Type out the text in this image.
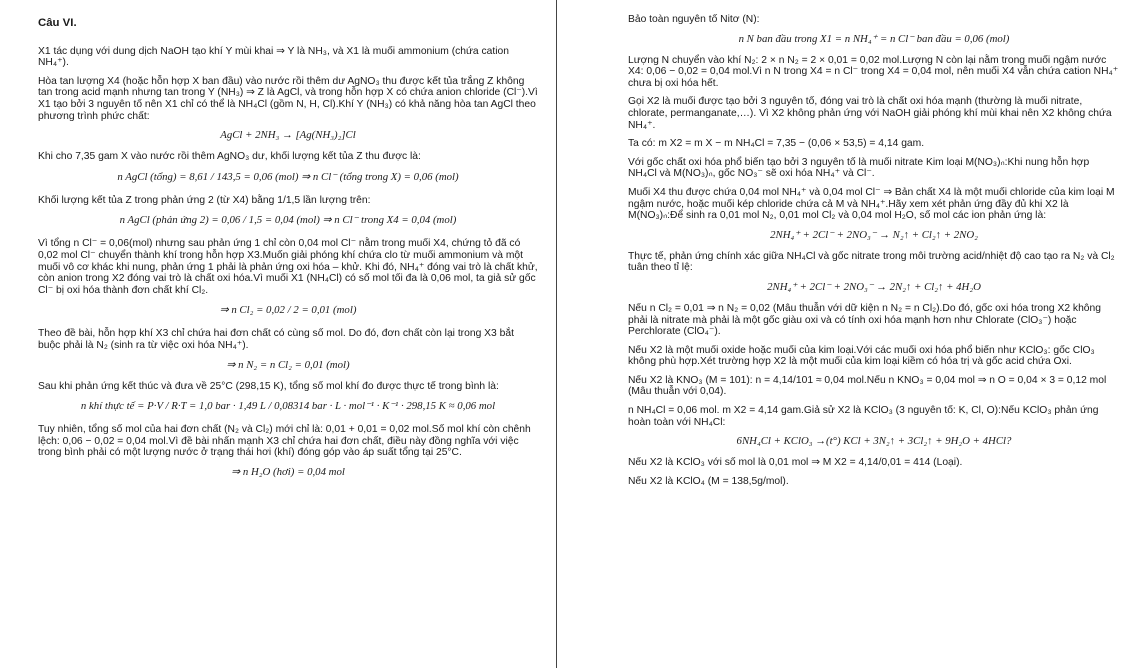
Câu VI.

X1 tác dụng với dung dịch NaOH tạo khí Y mùi khai ⇒ Y là NH₃, và X1 là muối ammonium (chứa cation NH₄⁺).

Hòa tan lượng X4 (hoặc hỗn hợp X ban đầu) vào nước rồi thêm dư AgNO₃ thu được kết tủa trắng Z không tan trong acid mạnh nhưng tan trong Y (NH₃) ⇒ Z là AgCl, và trong hỗn hợp X có chứa anion chloride (Cl⁻).Vì X1 tạo bởi 3 nguyên tố nên X1 chỉ có thể là NH₄Cl (gồm N, H, Cl).Khí Y (NH₃) có khả năng hòa tan AgCl theo phương trình phức chất:

AgCl + 2NH₃ → [Ag(NH₃)₂]Cl

Khi cho 7,35 gam X vào nước rồi thêm AgNO₃ dư, khối lượng kết tủa Z thu được là:

n AgCl (tổng) = 8,61 / 143,5 = 0,06 (mol) ⇒ n Cl⁻ (tổng trong X) = 0,06 (mol)

Khối lượng kết tủa Z trong phản ứng 2 (từ X4) bằng 1/1,5 lần lượng trên:

n AgCl (phản ứng 2) = 0,06 / 1,5 = 0,04 (mol) ⇒ n Cl⁻ trong X4 = 0,04 (mol)

Vì tổng n Cl⁻ = 0,06(mol) nhưng sau phản ứng 1 chỉ còn 0,04 mol Cl⁻ nằm trong muối X4, chứng tỏ đã có 0,02 mol Cl⁻ chuyển thành khí trong hỗn hợp X3.Muốn giải phóng khí chứa clo từ muối ammonium và một muối vô cơ khác khi nung, phản ứng 1 phải là phản ứng oxi hóa – khử. Khi đó, NH₄⁺ đóng vai trò là chất khử, còn anion trong X2 đóng vai trò là chất oxi hóa.Vì muối X1 (NH₄Cl) có số mol tối đa là 0,06 mol, ta giả sử gốc Cl⁻ bị oxi hóa thành đơn chất khí Cl₂.

⇒ n Cl₂ = 0,02 / 2 = 0,01 (mol)

Theo đề bài, hỗn hợp khí X3 chỉ chứa hai đơn chất có cùng số mol. Do đó, đơn chất còn lại trong X3 bắt buộc phải là N₂ (sinh ra từ việc oxi hóa NH₄⁺).

⇒ n N₂ = n Cl₂ = 0,01 (mol)

Sau khi phản ứng kết thúc và đưa về 25°C (298,15 K), tổng số mol khí đo được thực tế trong bình là:

n khí thực tế = P·V / R·T = 1,0 bar · 1,49 L / 0,08314 bar · L · mol⁻¹ · K⁻¹ · 298,15 K ≈ 0,06 mol

Tuy nhiên, tổng số mol của hai đơn chất (N₂ và Cl₂) mới chỉ là: 0,01 + 0,01 = 0,02 mol.Số mol khí còn chênh lệch: 0,06 − 0,02 = 0,04 mol.Vì đề bài nhấn mạnh X3 chỉ chứa hai đơn chất, điều này đồng nghĩa với việc trong bình phải có một lượng nước ở trạng thái hơi (khí) đóng góp vào áp suất tổng tại 25°C.

⇒ n H₂O (hơi) = 0,04 mol

Bảo toàn nguyên tố Nitơ (N):

n N ban đầu trong X1 = n NH₄⁺ = n Cl⁻ ban đầu = 0,06 (mol)

Lượng N chuyển vào khí N₂: 2 × n N₂ = 2 × 0,01 = 0,02 mol.Lượng N còn lại nằm trong muối ngậm nước X4: 0,06 − 0,02 = 0,04 mol.Vì n N trong X4 = n Cl⁻ trong X4 = 0,04 mol, nên muối X4 vẫn chứa cation NH₄⁺ chưa bị oxi hóa hết.

Gọi X2 là muối được tạo bởi 3 nguyên tố, đóng vai trò là chất oxi hóa mạnh (thường là muối nitrate, chlorate, permanganate,…). Vì X2 không phản ứng với NaOH giải phóng khí mùi khai nên X2 không chứa NH₄⁺.

Ta có: m X2 = m X − m NH₄Cl = 7,35 − (0,06 × 53,5) = 4,14 gam.

Với gốc chất oxi hóa phổ biến tạo bởi 3 nguyên tố là muối nitrate Kim loại M(NO₃)ₙ:Khi nung hỗn hợp NH₄Cl và M(NO₃)ₙ, gốc NO₃⁻ sẽ oxi hóa NH₄⁺ và Cl⁻.

Muối X4 thu được chứa 0,04 mol NH₄⁺ và 0,04 mol Cl⁻ ⇒ Bản chất X4 là một muối chloride của kim loại M ngậm nước, hoặc muối kép chloride chứa cả M và NH₄⁺.Hãy xem xét phản ứng đầy đủ khi X2 là M(NO₃)ₙ:Để sinh ra 0,01 mol N₂, 0,01 mol Cl₂ và 0,04 mol H₂O, số mol các ion phản ứng là:

2NH₄⁺ + 2Cl⁻ + 2NO₃⁻ → N₂↑ + Cl₂↑ + 2NO₂

Thực tế, phản ứng chính xác giữa NH₄Cl và gốc nitrate trong môi trường acid/nhiệt độ cao tạo ra N₂ và Cl₂ tuân theo tỉ lệ:

2NH₄⁺ + 2Cl⁻ + 2NO₃⁻ → 2N₂↑ + Cl₂↑ + 4H₂O

Nếu n Cl₂ = 0,01 ⇒ n N₂ = 0,02 (Mâu thuẫn với dữ kiện n N₂ = n Cl₂).Do đó, gốc oxi hóa trong X2 không phải là nitrate mà phải là một gốc giàu oxi và có tính oxi hóa mạnh hơn như Chlorate (ClO₃⁻) hoặc Perchlorate (ClO₄⁻).

Nếu X2 là một muối oxide hoặc muối của kim loại.Với các muối oxi hóa phổ biến như KClO₃: gốc ClO₃ không phù hợp.Xét trường hợp X2 là một muối của kim loại kiềm có hóa trị và gốc acid chứa Oxi.

Nếu X2 là KNO₃ (M = 101): n = 4,14/101 ≈ 0,04 mol.Nếu n KNO₃ = 0,04 mol ⇒ n O = 0,04 × 3 = 0,12 mol (Mâu thuẫn với 0,04).

n NH₄Cl = 0,06 mol. m X2 = 4,14 gam.Giả sử X2 là KClO₃ (3 nguyên tố: K, Cl, O):Nếu KClO₃ phản ứng hoàn toàn với NH₄Cl:

6NH₄Cl + KClO₃ →(t°) KCl + 3N₂↑ + 3Cl₂↑ + 9H₂O + 4HCl?

Nếu X2 là KClO₃ với số mol là 0,01 mol ⇒ M X2 = 4,14/0,01 = 414 (Loại).

Nếu X2 là KClO₄ (M = 138,5g/mol).
